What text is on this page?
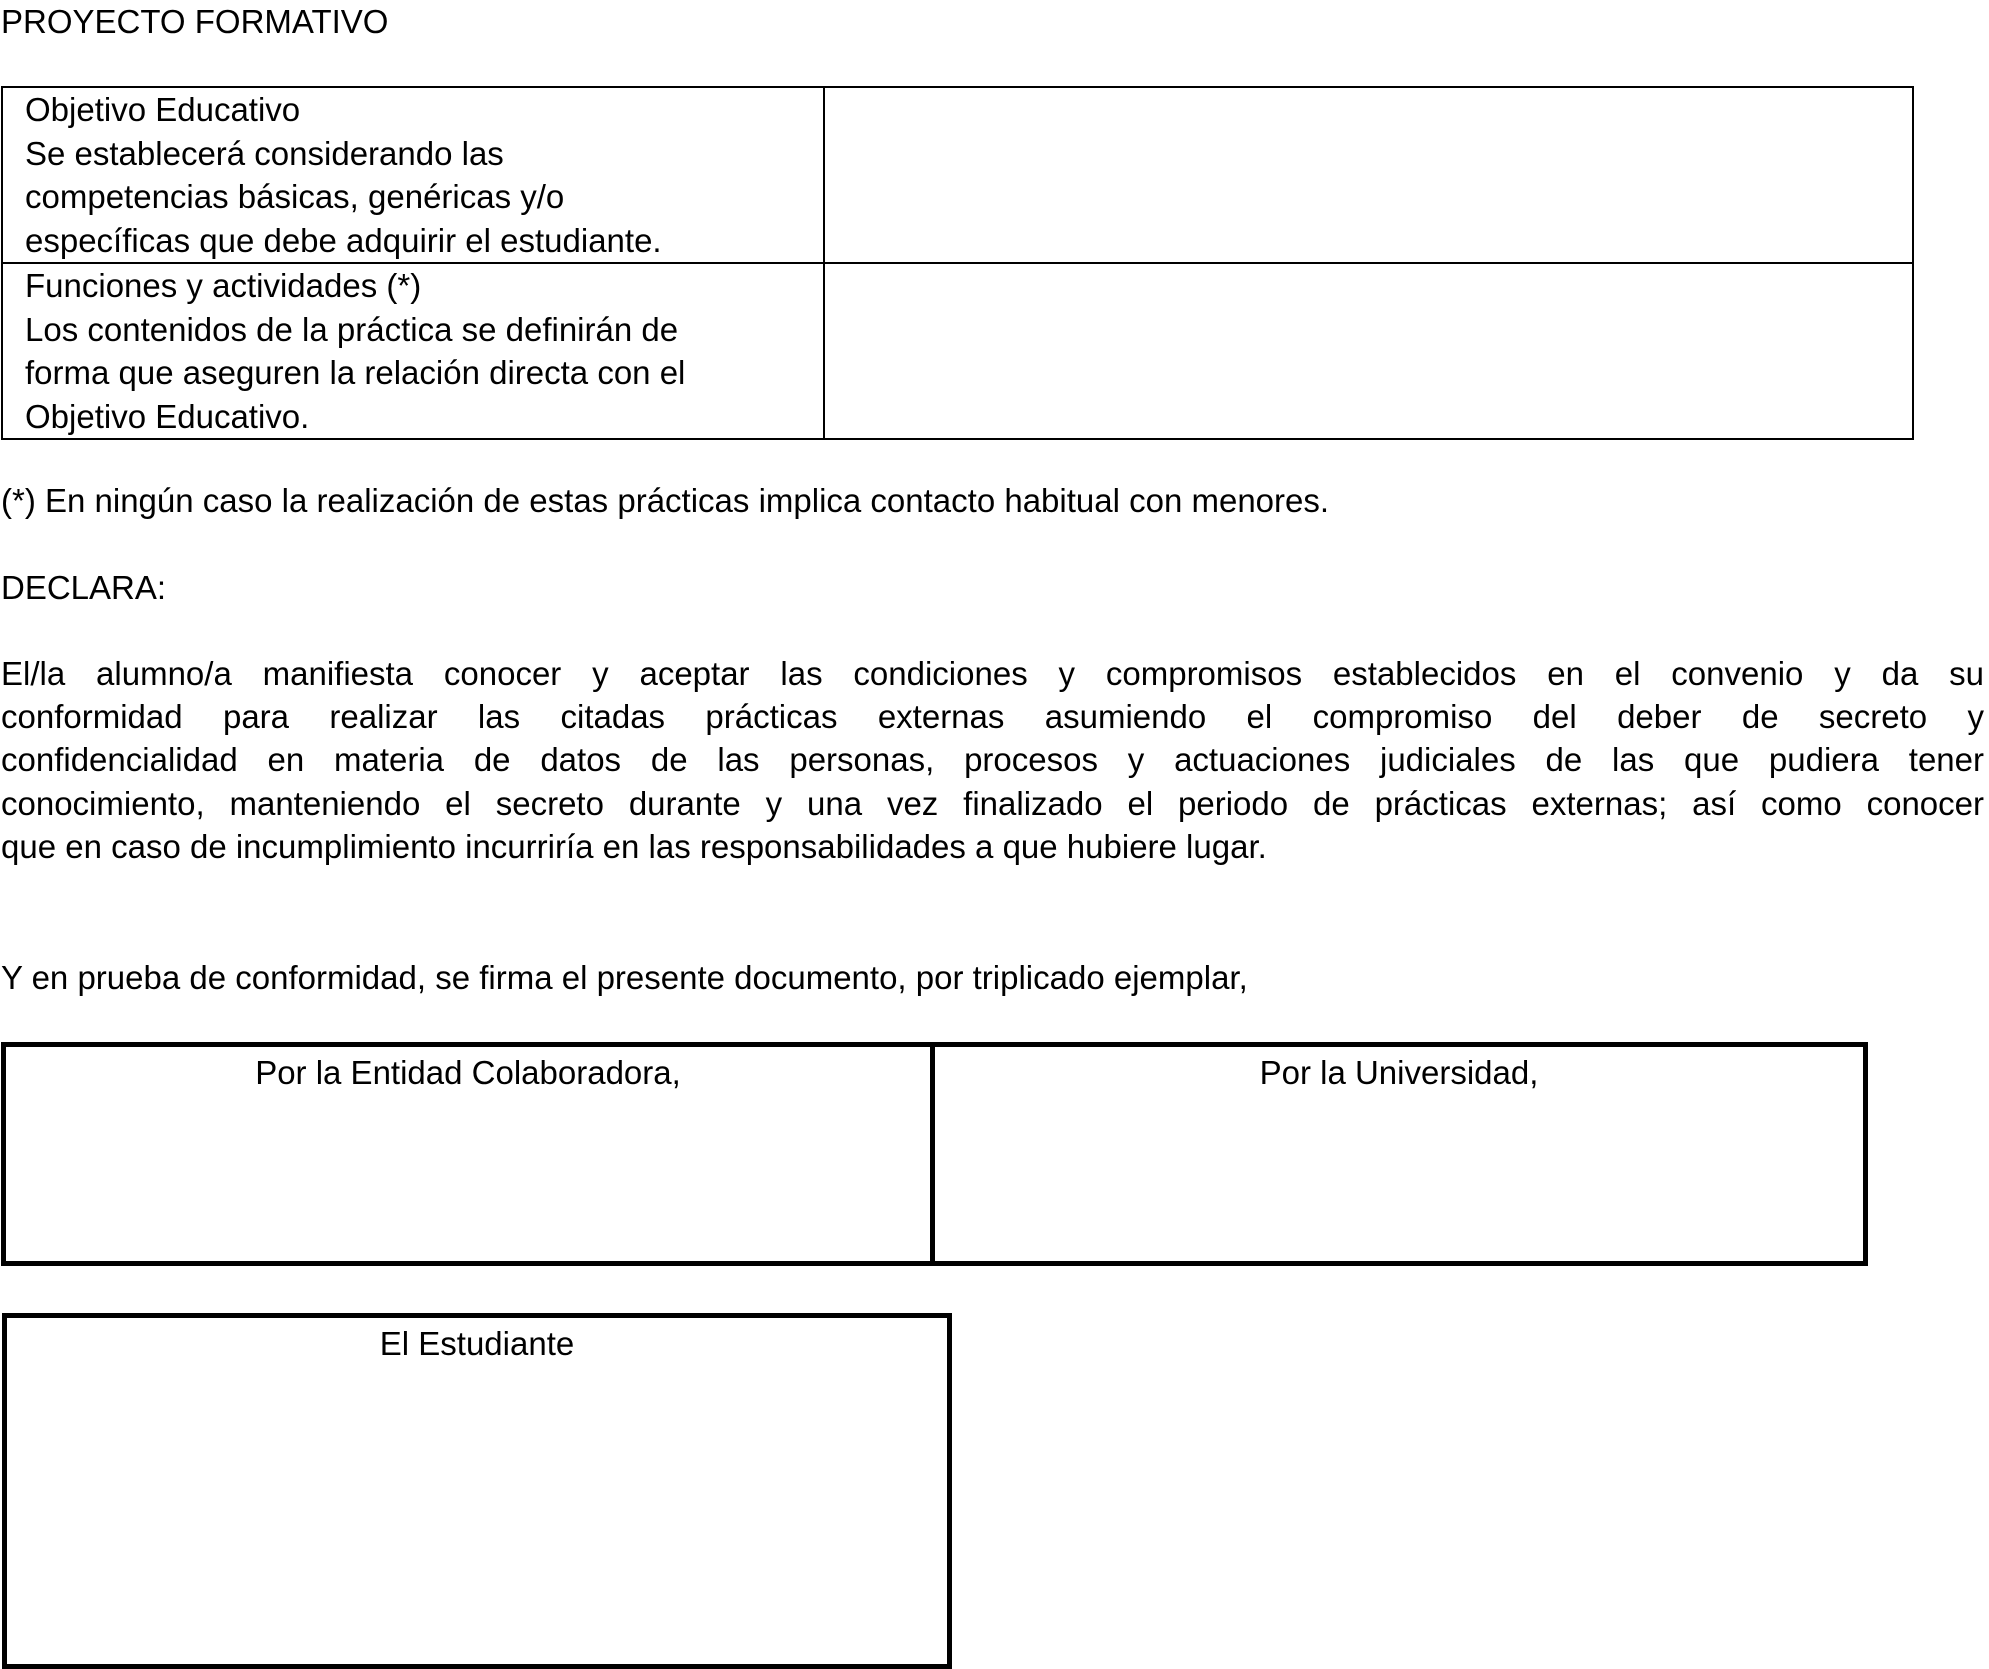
PROYECTO FORMATIVO
Objetivo Educativo
Se establecerá considerando las
competencias básicas, genéricas y/o
específicas que debe adquirir el estudiante.	

Funciones y actividades (*)
Los contenidos de la práctica se definirán de
forma que aseguren la relación directa con el
Objetivo Educativo.	

(*) En ningún caso la realización de estas prácticas implica contacto habitual con menores.
DECLARA:
El/la alumno/a manifiesta conocer y aceptar las condiciones y compromisos establecidos en el convenio y da su
conformidad para realizar las citadas prácticas externas asumiendo el compromiso del deber de secreto y
confidencialidad en materia de datos de las personas, procesos y actuaciones judiciales de las que pudiera tener
conocimiento, manteniendo el secreto durante y una vez finalizado el periodo de prácticas externas; así como conocer
que en caso de incumplimiento incurriría en las responsabilidades a que hubiere lugar.
Y en prueba de conformidad, se firma el presente documento, por triplicado ejemplar,
Por la Entidad Colaboradora,	Por la Universidad,
El Estudiante
